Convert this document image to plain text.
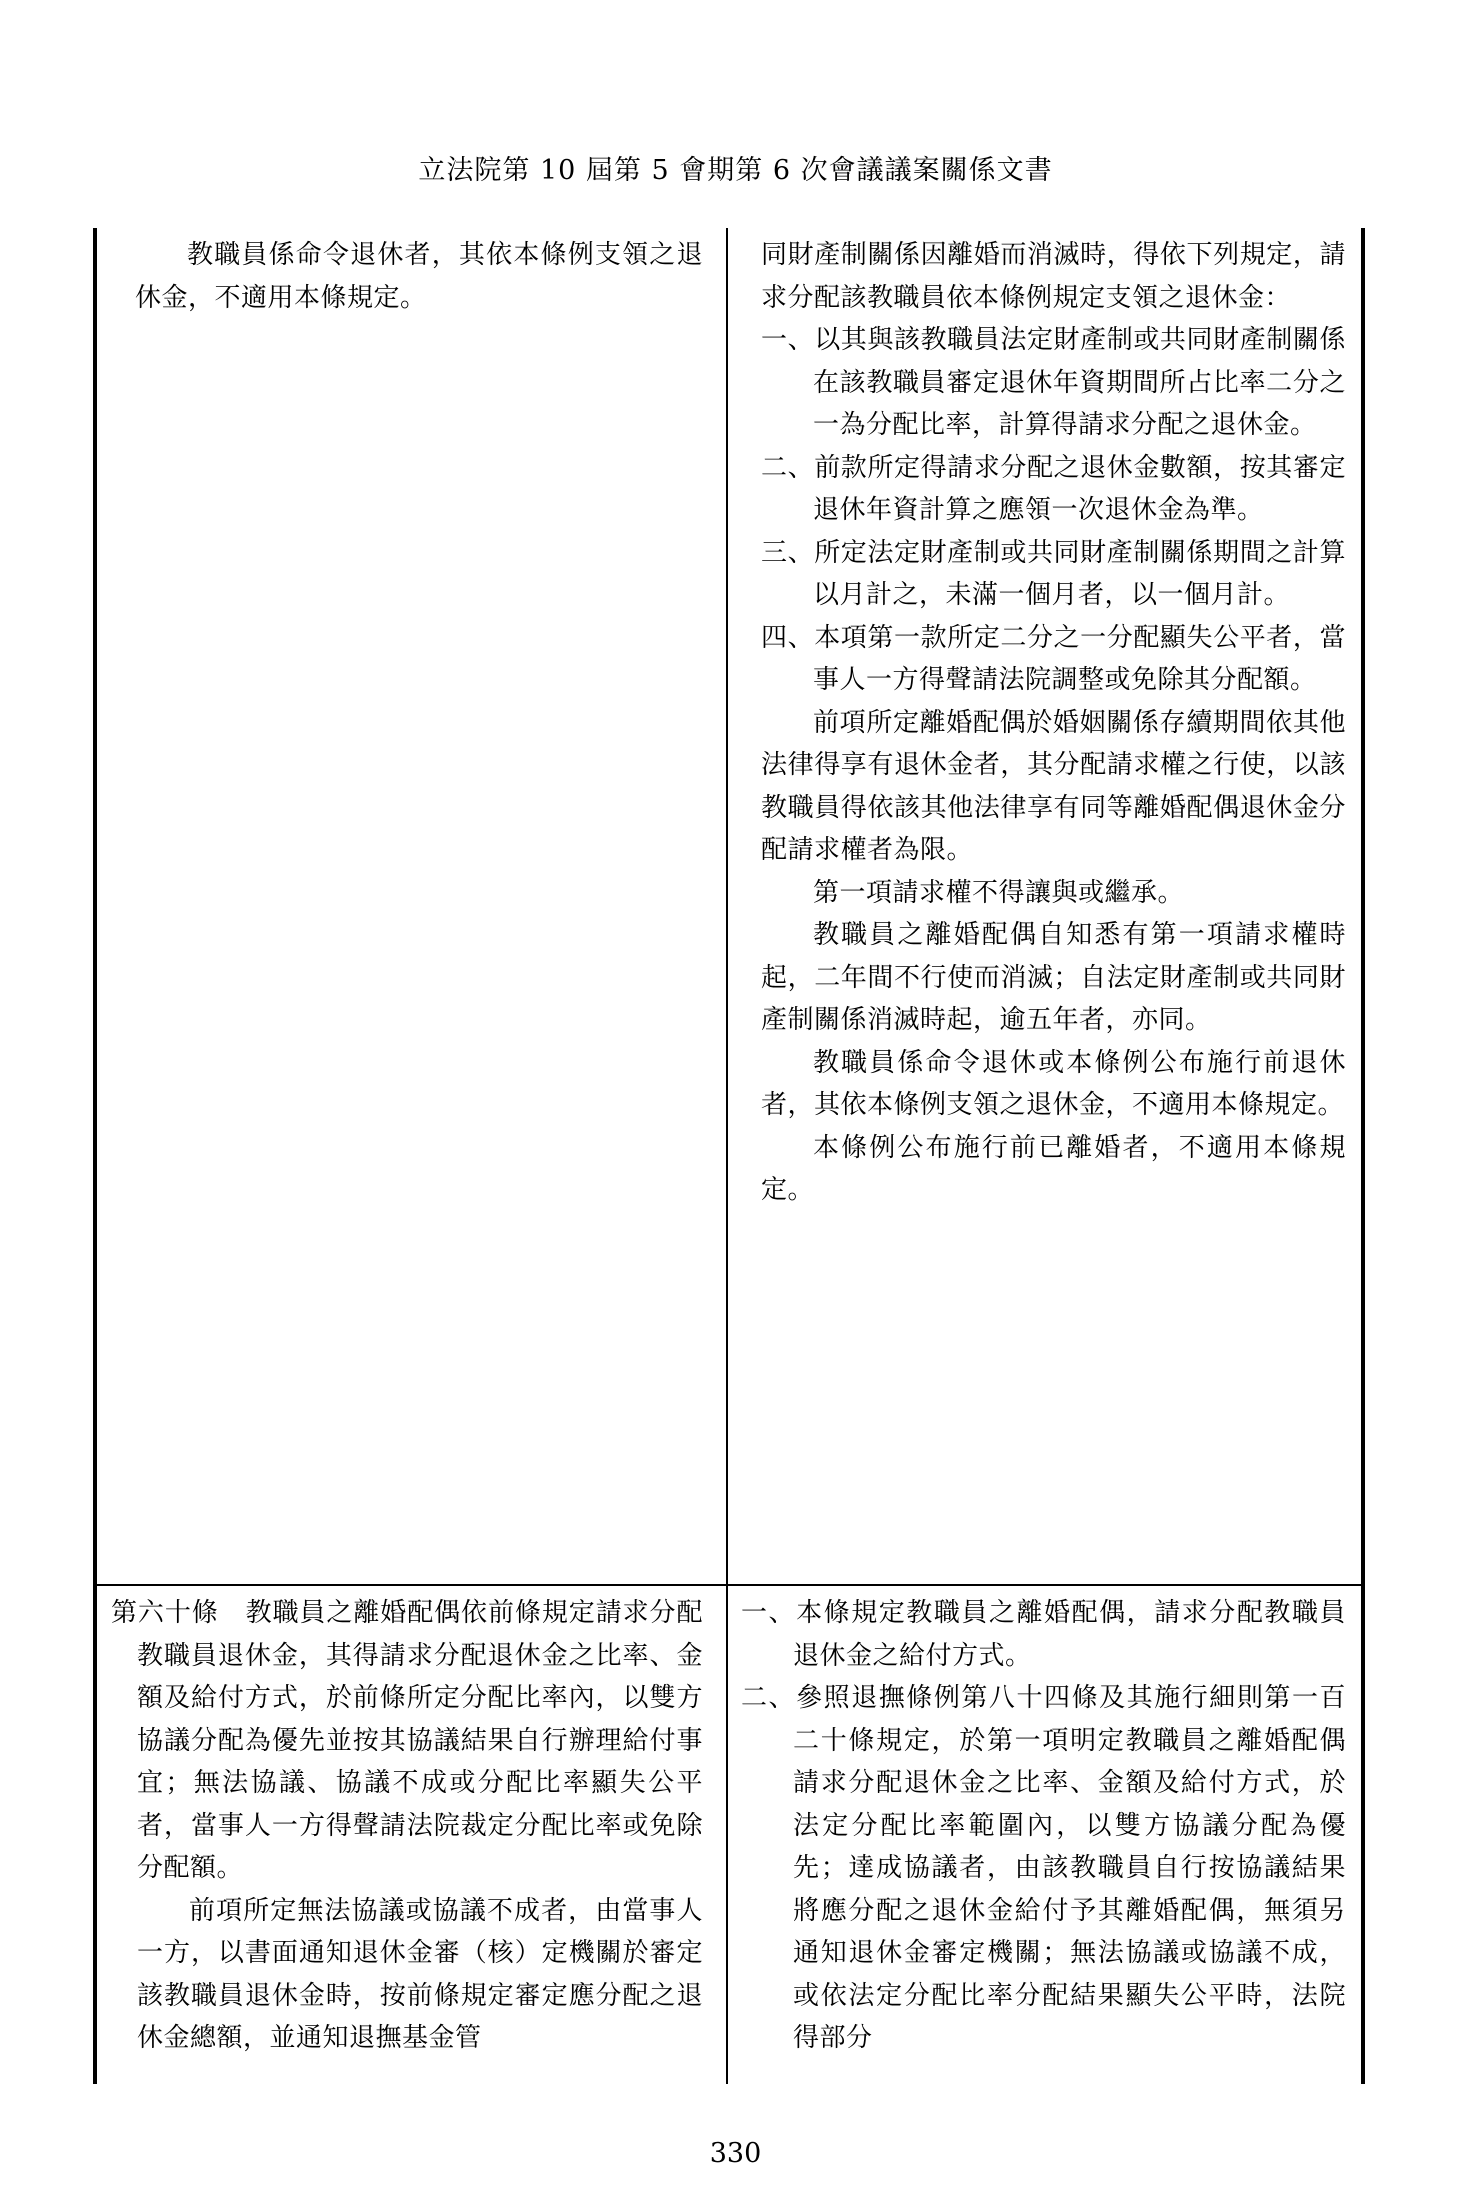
立法院第 10 屆第 5 會期第 6 次會議議案關係文書

教職員係命令退休者，其依本條例支領之退休金，不適用本條規定。

同財產制關係因離婚而消滅時，得依下列規定，請求分配該教職員依本條例規定支領之退休金：

一、以其與該教職員法定財產制或共同財產制關係在該教職員審定退休年資期間所占比率二分之一為分配比率，計算得請求分配之退休金。

二、前款所定得請求分配之退休金數額，按其審定退休年資計算之應領一次退休金為準。

三、所定法定財產制或共同財產制關係期間之計算以月計之，未滿一個月者，以一個月計。

四、本項第一款所定二分之一分配顯失公平者，當事人一方得聲請法院調整或免除其分配額。

前項所定離婚配偶於婚姻關係存續期間依其他法律得享有退休金者，其分配請求權之行使，以該教職員得依該其他法律享有同等離婚配偶退休金分配請求權者為限。

第一項請求權不得讓與或繼承。

教職員之離婚配偶自知悉有第一項請求權時起，二年間不行使而消滅；自法定財產制或共同財產制關係消滅時起，逾五年者，亦同。

教職員係命令退休或本條例公布施行前退休者，其依本條例支領之退休金，不適用本條規定。

本條例公布施行前已離婚者，不適用本條規定。

第六十條　教職員之離婚配偶依前條規定請求分配教職員退休金，其得請求分配退休金之比率、金額及給付方式，於前條所定分配比率內，以雙方協議分配為優先並按其協議結果自行辦理給付事宜；無法協議、協議不成或分配比率顯失公平者，當事人一方得聲請法院裁定分配比率或免除分配額。

前項所定無法協議或協議不成者，由當事人一方，以書面通知退休金審（核）定機關於審定該教職員退休金時，按前條規定審定應分配之退休金總額，並通知退撫基金管

一、本條規定教職員之離婚配偶，請求分配教職員退休金之給付方式。

二、參照退撫條例第八十四條及其施行細則第一百二十條規定，於第一項明定教職員之離婚配偶請求分配退休金之比率、金額及給付方式，於法定分配比率範圍內，以雙方協議分配為優先；達成協議者，由該教職員自行按協議結果將應分配之退休金給付予其離婚配偶，無須另通知退休金審定機關；無法協議或協議不成，或依法定分配比率分配結果顯失公平時，法院得部分

330
